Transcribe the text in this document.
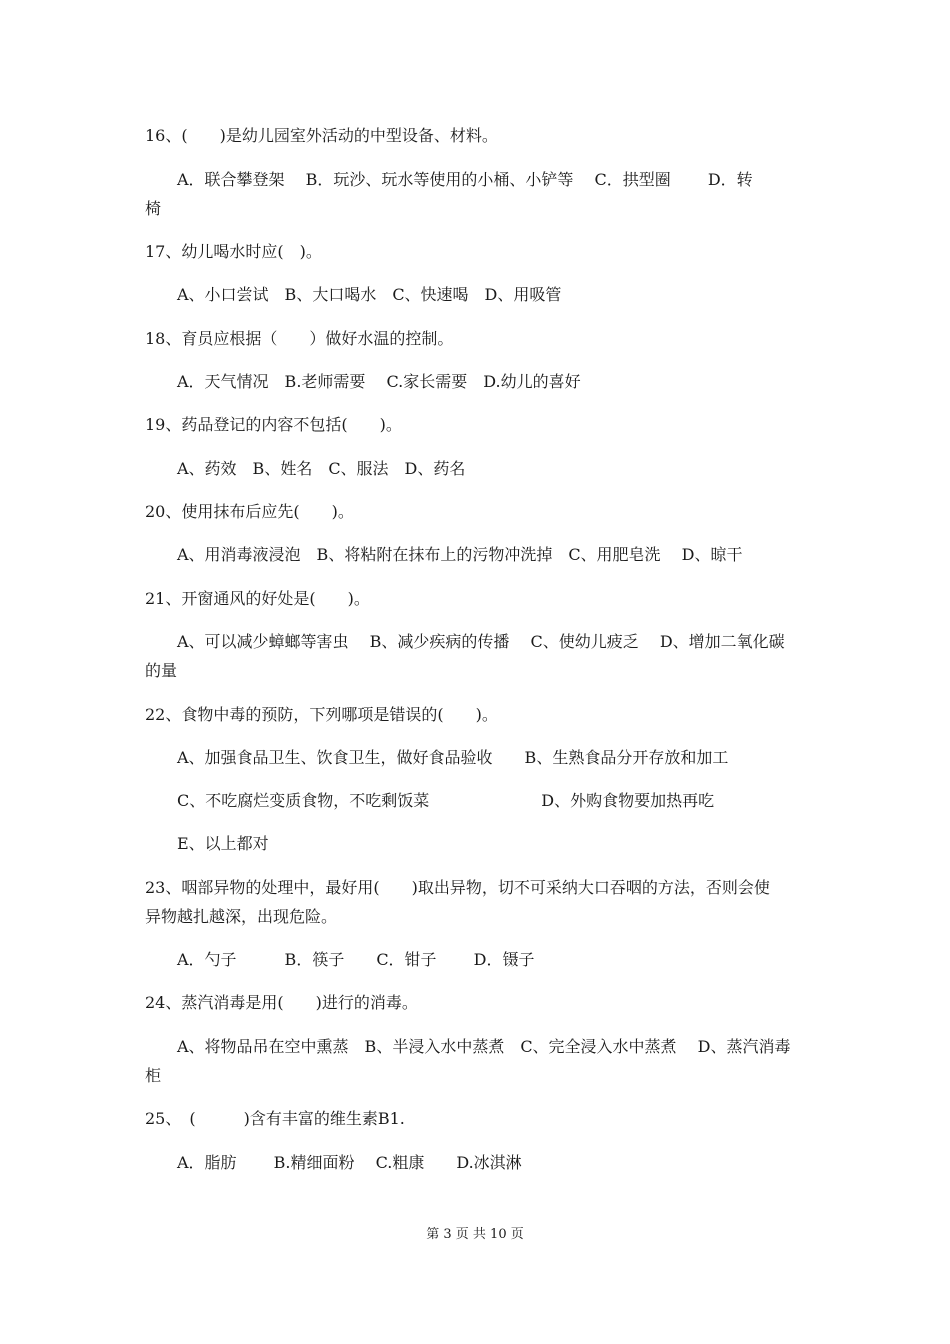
16、(　　)是幼儿园室外活动的中型设备、材料。
A．联合攀登架　 B．玩沙、玩水等使用的小桶、小铲等　 C．拱型圈　　 D．转
椅
17、幼儿喝水时应(　)。
A、小口尝试　B、大口喝水　C、快速喝　D、用吸管
18、育员应根据（　　）做好水温的控制。
A．天气情况　B.老师需要　 C.家长需要　D.幼儿的喜好
19、药品登记的内容不包括(　　)。
A、药效　B、姓名　C、服法　D、药名
20、使用抹布后应先(　　)。
A、用消毒液浸泡　B、将粘附在抹布上的污物冲洗掉　C、用肥皂洗　 D、晾干
21、开窗通风的好处是(　　)。
A、可以减少蟑螂等害虫　 B、减少疾病的传播　 C、使幼儿疲乏　 D、增加二氧化碳
的量
22、食物中毒的预防，下列哪项是错误的(　　)。
A、加强食品卫生、饮食卫生，做好食品验收　　B、生熟食品分开存放和加工
C、不吃腐烂变质食物，不吃剩饭菜　　　　　　　D、外购食物要加热再吃
E、以上都对
23、咽部异物的处理中，最好用(　　)取出异物，切不可采纳大口吞咽的方法，否则会使
异物越扎越深，出现危险。
A．勺子　　　B．筷子　　C．钳子　　 D．镊子
24、蒸汽消毒是用(　　)进行的消毒。
A、将物品吊在空中熏蒸　B、半浸入水中蒸煮　C、完全浸入水中蒸煮　 D、蒸汽消毒
柜
25、　(　　　)含有丰富的维生素B1.
A．脂肪　　 B.精细面粉　 C.粗康　　D.冰淇淋
第 3 页 共 10 页
